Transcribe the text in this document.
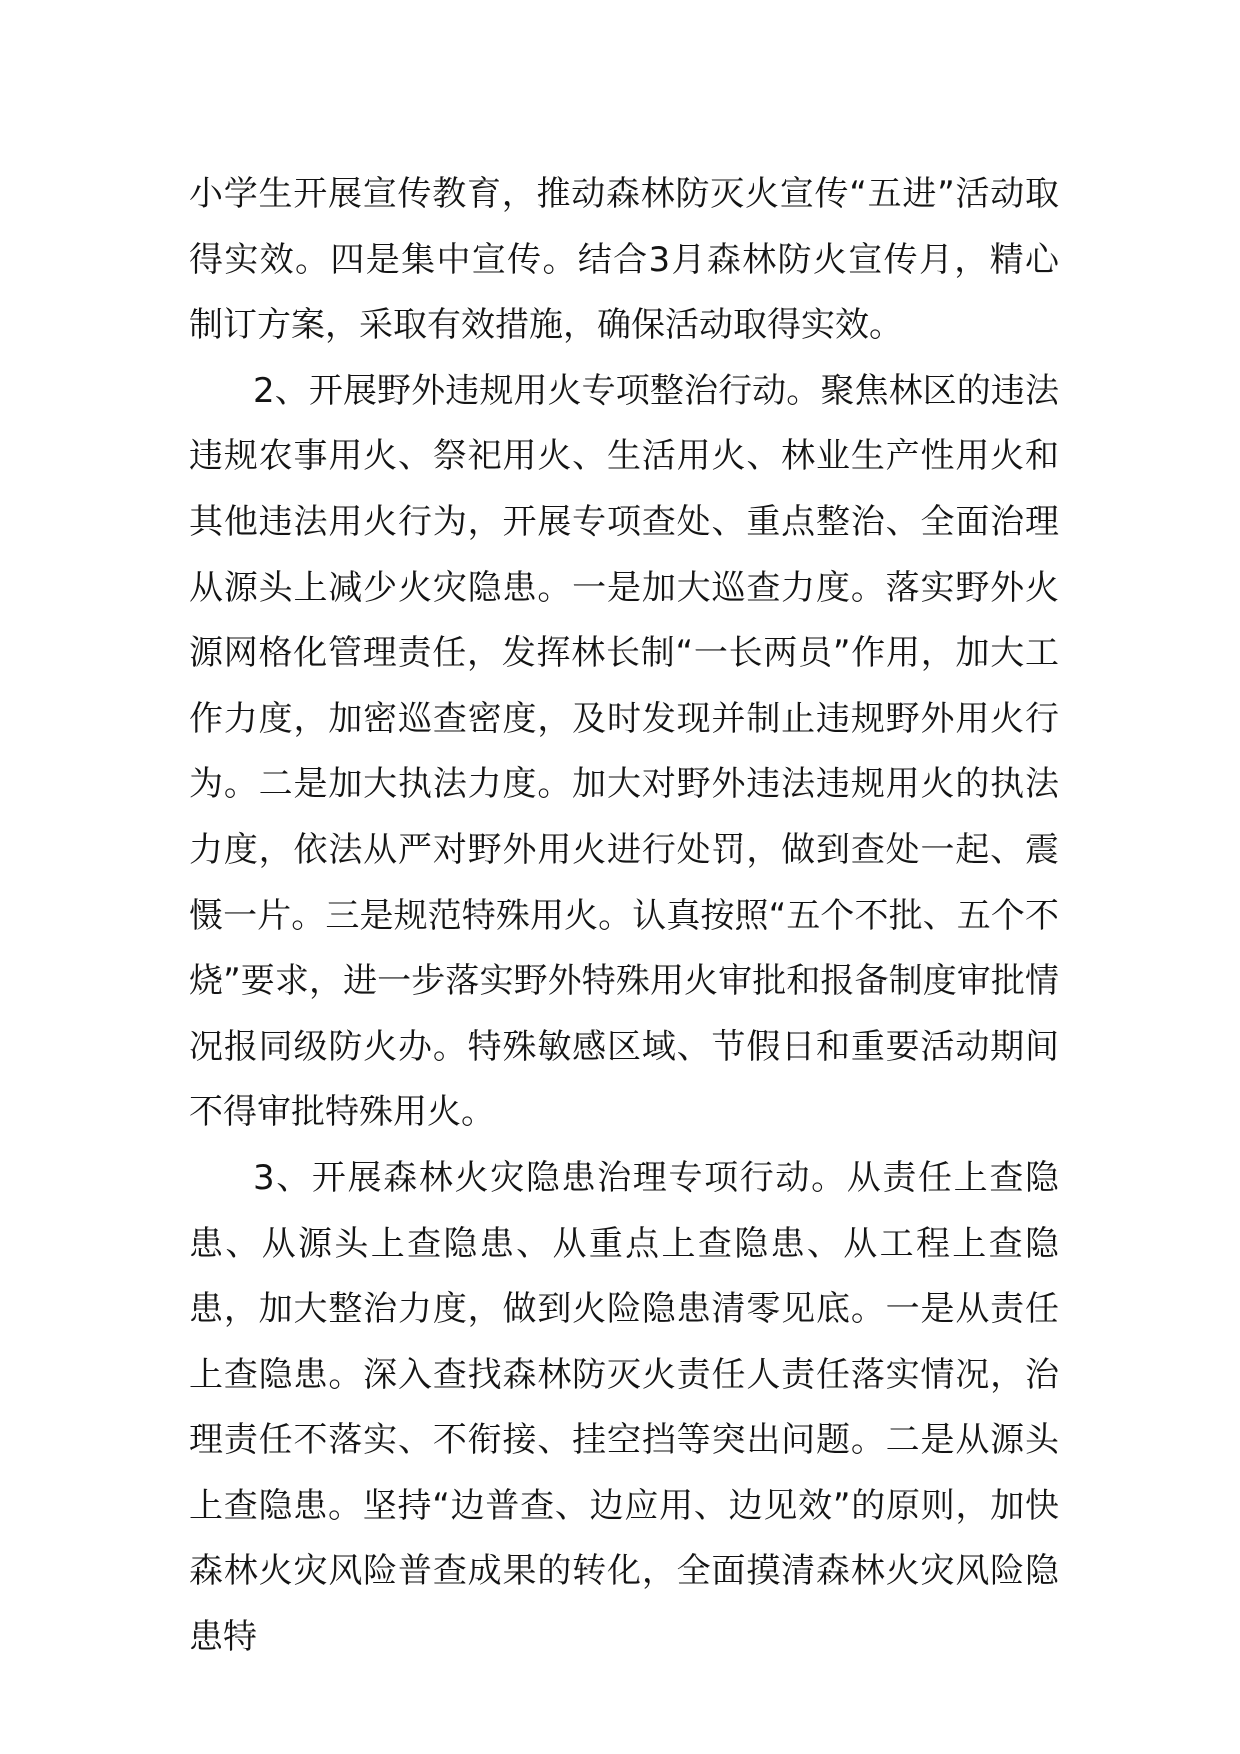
小学生开展宣传教育，推动森林防灭火宣传“五进”活动取得实效。四是集中宣传。结合3月森林防火宣传月，精心制订方案，采取有效措施，确保活动取得实效。

2、开展野外违规用火专项整治行动。聚焦林区的违法违规农事用火、祭祀用火、生活用火、林业生产性用火和其他违法用火行为，开展专项查处、重点整治、全面治理从源头上减少火灾隐患。一是加大巡查力度。落实野外火源网格化管理责任，发挥林长制“一长两员”作用，加大工作力度，加密巡查密度，及时发现并制止违规野外用火行为。二是加大执法力度。加大对野外违法违规用火的执法力度，依法从严对野外用火进行处罚，做到查处一起、震慑一片。三是规范特殊用火。认真按照“五个不批、五个不烧”要求，进一步落实野外特殊用火审批和报备制度审批情况报同级防火办。特殊敏感区域、节假日和重要活动期间不得审批特殊用火。

3、开展森林火灾隐患治理专项行动。从责任上查隐患、从源头上查隐患、从重点上查隐患、从工程上查隐患，加大整治力度，做到火险隐患清零见底。一是从责任上查隐患。深入查找森林防灭火责任人责任落实情况，治理责任不落实、不衔接、挂空挡等突出问题。二是从源头上查隐患。坚持“边普查、边应用、边见效”的原则，加快森林火灾风险普查成果的转化，全面摸清森林火灾风险隐患特
